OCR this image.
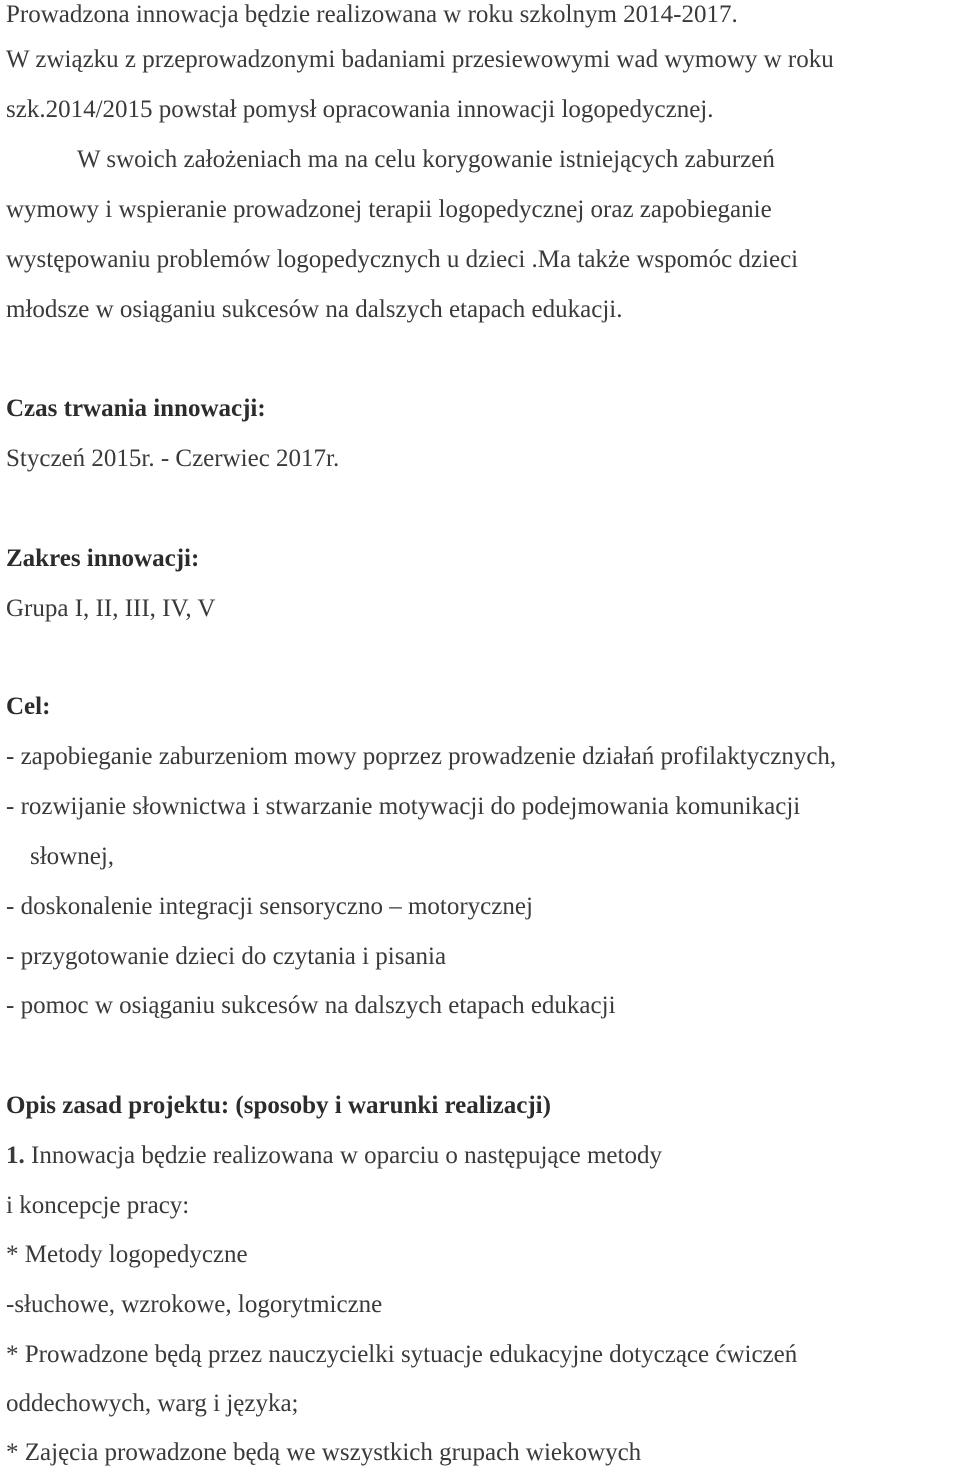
Prowadzona innowacja będzie realizowana w roku szkolnym 2014-2017.
W związku z przeprowadzonymi badaniami przesiewowymi wad wymowy w roku
szk.2014/2015 powstał pomysł opracowania innowacji logopedycznej.
W swoich założeniach ma na celu korygowanie istniejących zaburzeń
wymowy i wspieranie prowadzonej terapii logopedycznej oraz zapobieganie
występowaniu problemów logopedycznych u dzieci .Ma także wspomóc dzieci
młodsze w osiąganiu sukcesów na dalszych etapach edukacji.
Czas trwania innowacji:
Styczeń 2015r. - Czerwiec 2017r.
Zakres innowacji:
Grupa I, II, III, IV, V
Cel:
- zapobieganie zaburzeniom mowy poprzez prowadzenie działań profilaktycznych,
- rozwijanie słownictwa i stwarzanie motywacji do podejmowania komunikacji
słownej,
- doskonalenie integracji sensoryczno – motorycznej
- przygotowanie dzieci do czytania i pisania
- pomoc w osiąganiu sukcesów na dalszych etapach edukacji
Opis zasad projektu: (sposoby i warunki realizacji)
1. Innowacja będzie realizowana w oparciu o następujące metody
i koncepcje pracy:
* Metody logopedyczne
-słuchowe, wzrokowe, logorytmiczne
* Prowadzone będą przez nauczycielki sytuacje edukacyjne dotyczące ćwiczeń
oddechowych, warg i języka;
* Zajęcia prowadzone będą we wszystkich grupach wiekowych
